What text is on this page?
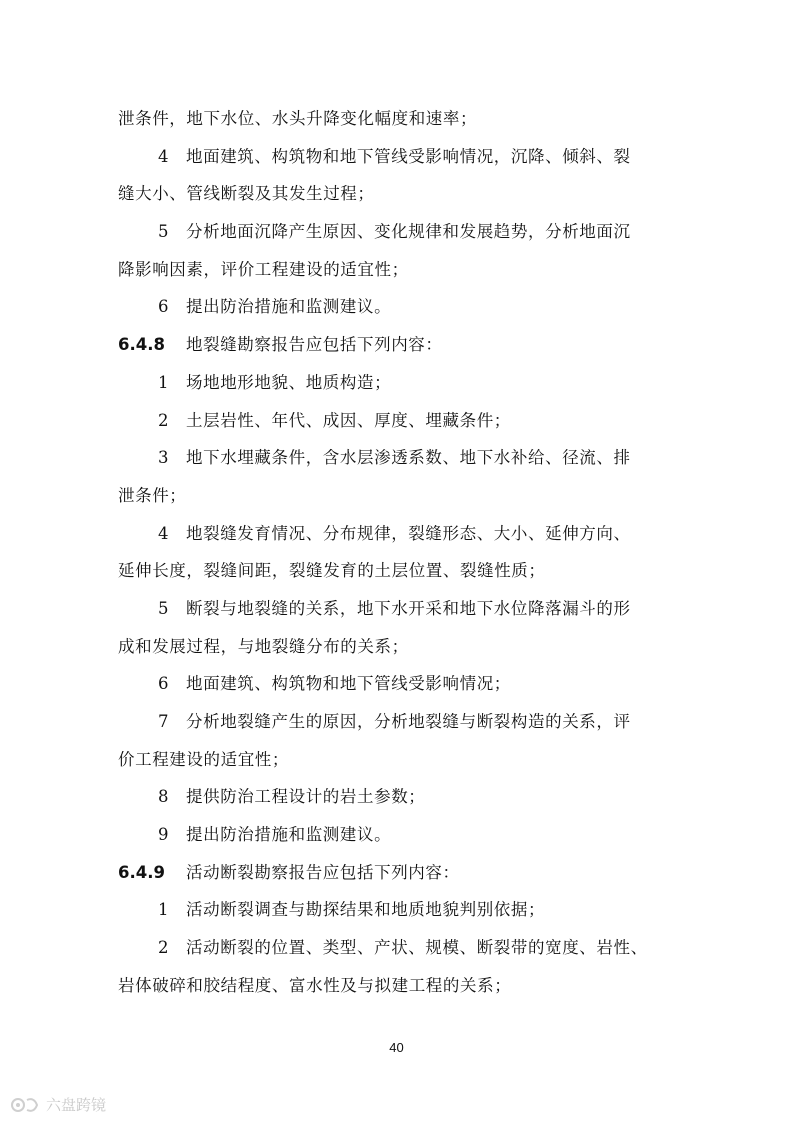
泄条件，地下水位、水头升降变化幅度和速率；
4 地面建筑、构筑物和地下管线受影响情况，沉降、倾斜、裂
缝大小、管线断裂及其发生过程；
5 分析地面沉降产生原因、变化规律和发展趋势，分析地面沉
降影响因素，评价工程建设的适宜性；
6 提出防治措施和监测建议。
6.4.8 地裂缝勘察报告应包括下列内容：
1 场地地形地貌、地质构造；
2 土层岩性、年代、成因、厚度、埋藏条件；
3 地下水埋藏条件，含水层渗透系数、地下水补给、径流、排
泄条件；
4 地裂缝发育情况、分布规律，裂缝形态、大小、延伸方向、
延伸长度，裂缝间距，裂缝发育的土层位置、裂缝性质；
5 断裂与地裂缝的关系，地下水开采和地下水位降落漏斗的形
成和发展过程，与地裂缝分布的关系；
6 地面建筑、构筑物和地下管线受影响情况；
7 分析地裂缝产生的原因，分析地裂缝与断裂构造的关系，评
价工程建设的适宜性；
8 提供防治工程设计的岩土参数；
9 提出防治措施和监测建议。
6.4.9 活动断裂勘察报告应包括下列内容：
1 活动断裂调查与勘探结果和地质地貌判别依据；
2 活动断裂的位置、类型、产状、规模、断裂带的宽度、岩性、
岩体破碎和胶结程度、富水性及与拟建工程的关系；
40
六盘跨镜
